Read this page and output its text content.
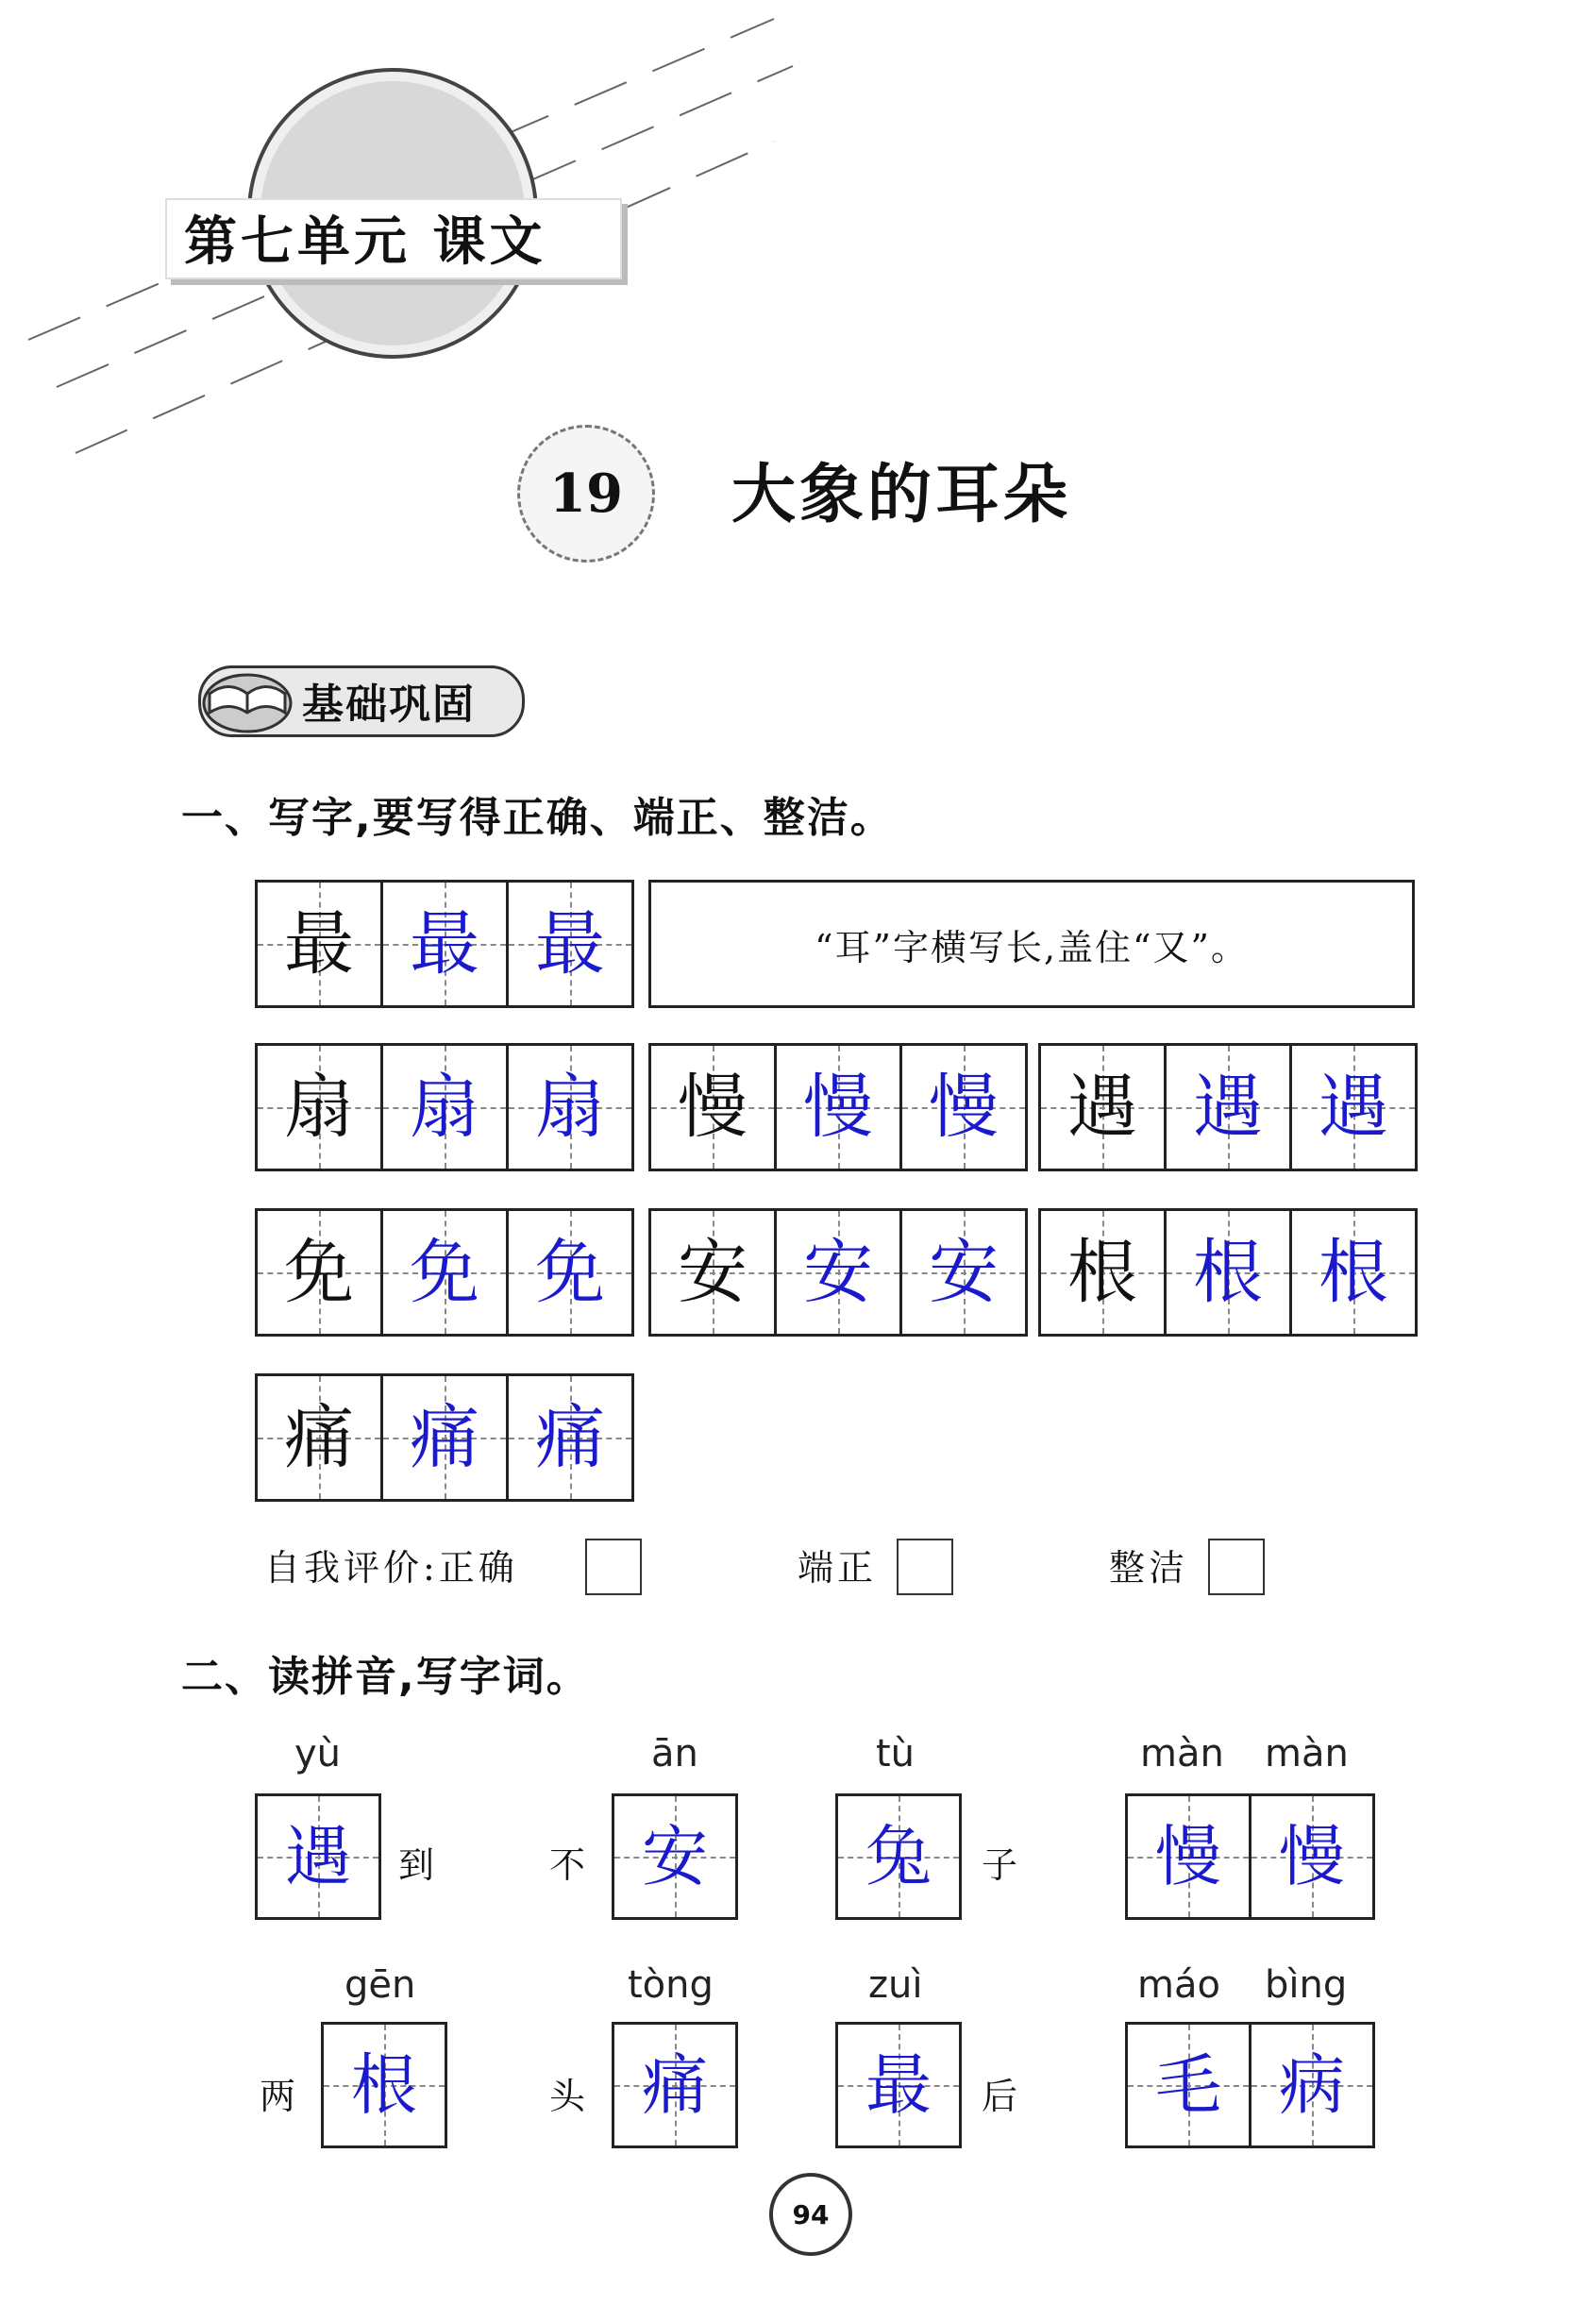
第七单元 课文
19 大象的耳朵
基础巩固
一、写字,要写得正确、端正、整洁。
最 最 最	“耳”字横写长,盖住“又”。
扇 扇 扇 慢 慢 慢 遇 遇 遇
免 免 免 安 安 安 根 根 根
痛 痛 痛
自我评价:正确	端正	整洁
二、读拼音,写字词。
yù
遇 到	不
ān
安
tù
兔 子
màn màn
慢 慢
两
gēn
根	头
tòng
痛
zuì
最 后
máo bìng
毛 病
94
